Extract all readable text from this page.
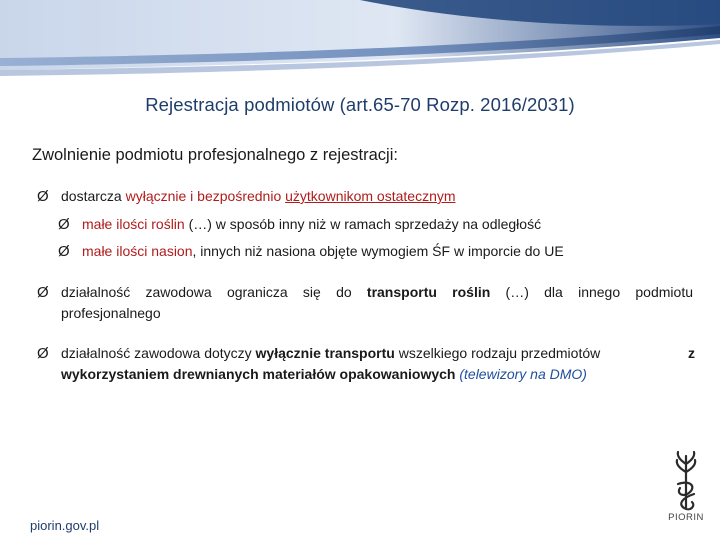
Rejestracja podmiotów (art.65-70 Rozp. 2016/2031)
Zwolnienie podmiotu profesjonalnego z rejestracji:
Ø dostarcza wyłącznie i bezpośrednio użytkownikom ostatecznym
Ø małe ilości roślin (…) w sposób inny niż w ramach sprzedaży na odległość
Ø małe ilości nasion, innych niż nasiona objęte wymogiem ŚF w imporcie do UE
Ø działalność zawodowa ogranicza się do transportu roślin (…) dla innego podmiotu
profesjonalnego
Ø działalność zawodowa dotyczy wyłącznie transportu wszelkiego rodzaju przedmiotów	z
wykorzystaniem drewnianych materiałów opakowaniowych (telewizory na DMO)
piorin.gov.pl
PIORIN
